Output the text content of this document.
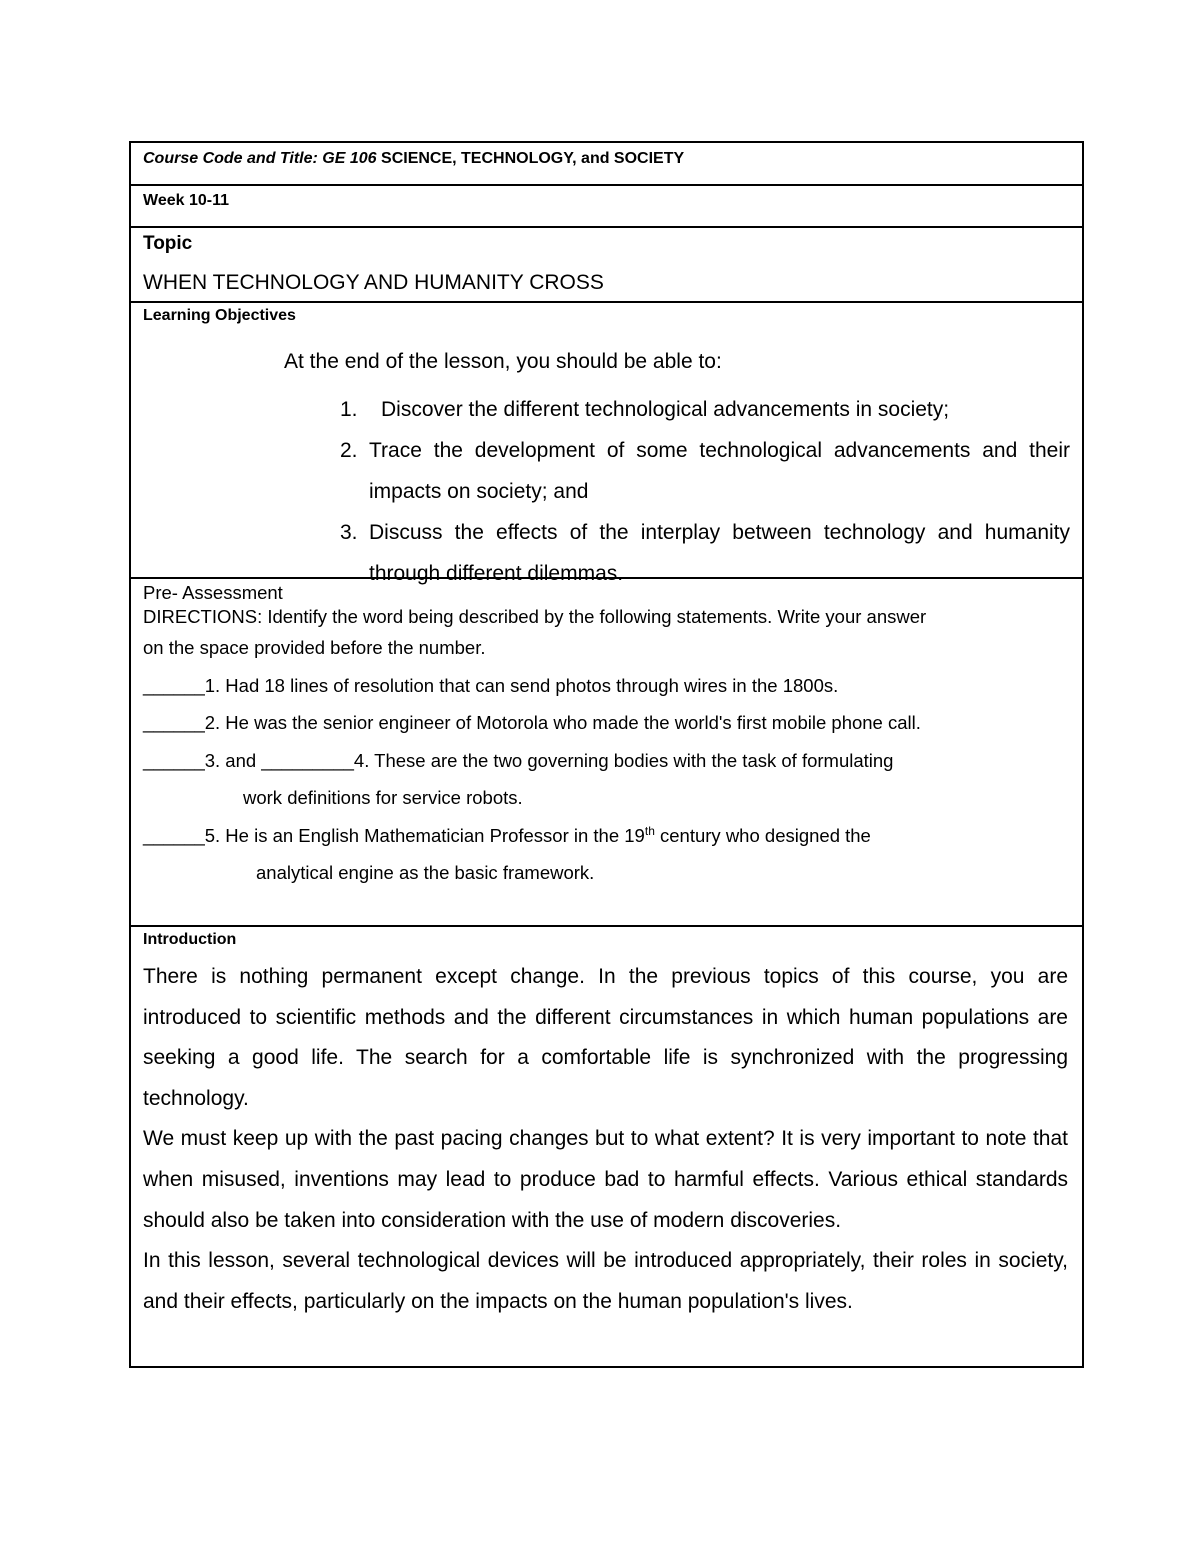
Course Code and Title: GE 106 SCIENCE, TECHNOLOGY, and SOCIETY
Week 10-11
Topic
WHEN TECHNOLOGY AND HUMANITY CROSS
Learning Objectives
At the end of the lesson, you should be able to:
1. Discover the different technological advancements in society;
2. Trace the development of some technological advancements and their impacts on society; and
3. Discuss the effects of the interplay between technology and humanity through different dilemmas.
Pre- Assessment
DIRECTIONS: Identify the word being described by the following statements. Write your answer
on the space provided before the number.
______1. Had 18 lines of resolution that can send photos through wires in the 1800s.
______2. He was the senior engineer of Motorola who made the world's first mobile phone call.
______3. and _________4. These are the two governing bodies with the task of formulating
work definitions for service robots.
______5. He is an English Mathematician Professor in the 19th century who designed the
analytical engine as the basic framework.
Introduction

There is nothing permanent except change. In the previous topics of this course, you are introduced to scientific methods and the different circumstances in which human populations are seeking a good life. The search for a comfortable life is synchronized with the progressing technology.

We must keep up with the past pacing changes but to what extent? It is very important to note that when misused, inventions may lead to produce bad to harmful effects. Various ethical standards should also be taken into consideration with the use of modern discoveries.

In this lesson, several technological devices will be introduced appropriately, their roles in society, and their effects, particularly on the impacts on the human population's lives.
